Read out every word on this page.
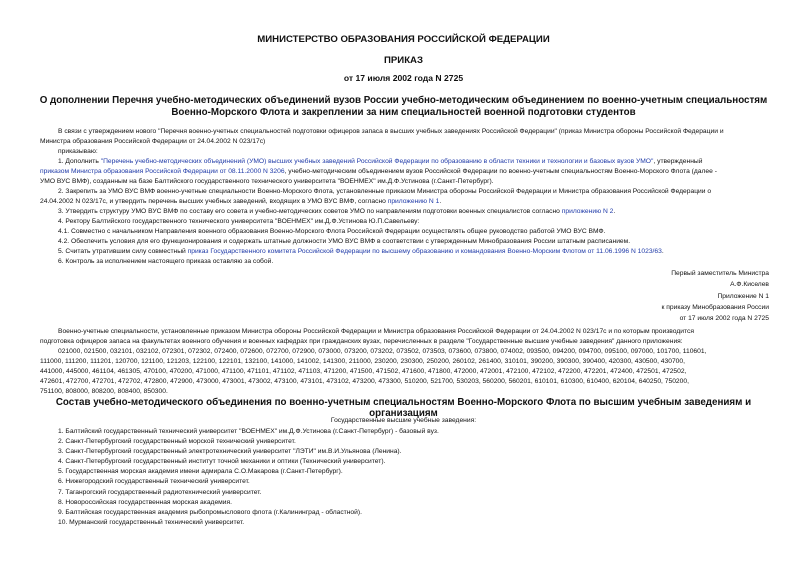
МИНИСТЕРСТВО ОБРАЗОВАНИЯ РОССИЙСКОЙ ФЕДЕРАЦИИ
ПРИКАЗ
от 17 июля 2002 года N 2725
О дополнении Перечня учебно-методических объединений вузов России учебно-методическим объединением по военно-учетным специальностям Военно-Морского Флота и закреплении за ним специальностей военной подготовки студентов
В связи с утверждением нового "Перечня военно-учетных специальностей подготовки офицеров запаса в высших учебных заведениях Российской Федерации" (приказ Министра обороны Российской Федерации и
Министра образования Российской Федерации от 24.04.2002 N 023/17с)
приказываю:
1. Дополнить "Перечень учебно-методических объединений (УМО) высших учебных заведений Российской Федерации по образованию в области техники и технологии и базовых вузов УМО", утвержденный
приказом Министра образования Российской Федерации от 08.11.2000 N 3206, учебно-методическим объединением вузов Российской Федерации по военно-учетным специальностям Военно-Морского Флота (далее -
УМО ВУС ВМФ), созданным на базе Балтийского государственного технического университета "ВОЕНМЕХ" им.Д.Ф.Устинова (г.Санкт-Петербург).
2. Закрепить за УМО ВУС ВМФ военно-учетные специальности Военно-Морского Флота, установленные приказом Министра обороны Российской Федерации и Министра образования Российской Федерации о
24.04.2002 N 023/17с, и утвердить перечень высших учебных заведений, входящих в УМО ВУС ВМФ, согласно приложению N 1.
3. Утвердить структуру УМО ВУС ВМФ по составу его совета и учебно-методических советов УМО по направлениям подготовки военных специалистов согласно приложению N 2.
4. Ректору Балтийского государственного технического университета "ВОЕНМЕХ" им.Д.Ф.Устинова Ю.П.Савельеву:
4.1. Совместно с начальником Направления военного образования Военно-Морского Флота Российской Федерации осуществлять общее руководство работой УМО ВУС ВМФ.
4.2. Обеспечить условия для его функционирования и содержать штатные должности УМО ВУС ВМФ в соответствии с утвержденным Минобразования России штатным расписанием.
5. Считать утратившим силу совместный приказ Государственного комитета Российской Федерации по высшему образованию и командования Военно-Морским Флотом от 11.06.1996 N 1023/63.
6. Контроль за исполнением настоящего приказа оставляю за собой.
Первый заместитель Министра
А.Ф.Киселев
Приложение N 1
к приказу Минобразования России
от 17 июля 2002 года N 2725
Военно-учетные специальности, установленные приказом Министра обороны Российской Федерации и Министра образования Российской Федерации от 24.04.2002 N 023/17с и по которым производится
подготовка офицеров запаса на факультетах военного обучения и военных кафедрах при гражданских вузах, перечисленных в разделе "Государственные высшие учебные заведения" данного приложения:
021000, 021500, 032101, 032102, 072301, 072302, 072400, 072600, 072700, 072900, 073000, 073200, 073202, 073502, 073503, 073600, 073800, 074002, 093500, 094200, 094700, 095100, 097000, 101700, 110601,
111000, 111200, 111201, 120700, 121100, 121203, 122100, 122101, 132100, 141000, 141002, 141300, 211000, 230200, 230300, 250200, 260102, 261400, 310101, 390200, 390300, 390400, 420300, 430500, 430700,
441000, 445000, 461104, 461305, 470100, 470200, 471000, 471100, 471101, 471102, 471103, 471200, 471500, 471502, 471600, 471800, 472000, 472001, 472100, 472102, 472200, 472201, 472400, 472501, 472502,
472601, 472700, 472701, 472702, 472800, 472900, 473000, 473001, 473002, 473100, 473101, 473102, 473200, 473300, 510200, 521700, 530203, 560200, 560201, 610101, 610300, 610400, 620104, 640250, 750200,
751100, 808000, 808200, 808400, 850300.
Состав учебно-методического объединения по военно-учетным специальностям Военно-Морского Флота по высшим учебным заведениям и организациям
Государственные высшие учебные заведения:
1. Балтийский государственный технический университет "ВОЕНМЕХ" им.Д.Ф.Устинова (г.Санкт-Петербург) - базовый вуз.
2. Санкт-Петербургский государственный морской технический университет.
3. Санкт-Петербургский государственный электротехнический университет "ЛЭТИ" им.В.И.Ульянова (Ленина).
4. Санкт-Петербургский государственный институт точной механики и оптики (Технический университет).
5. Государственная морская академия имени адмирала С.О.Макарова (г.Санкт-Петербург).
6. Нижегородский государственный технический университет.
7. Таганрогский государственный радиотехнический университет.
8. Новороссийская государственная морская академия.
9. Балтийская государственная академия рыбопромыслового флота (г.Калининград - областной).
10. Мурманский государственный технический университет.
